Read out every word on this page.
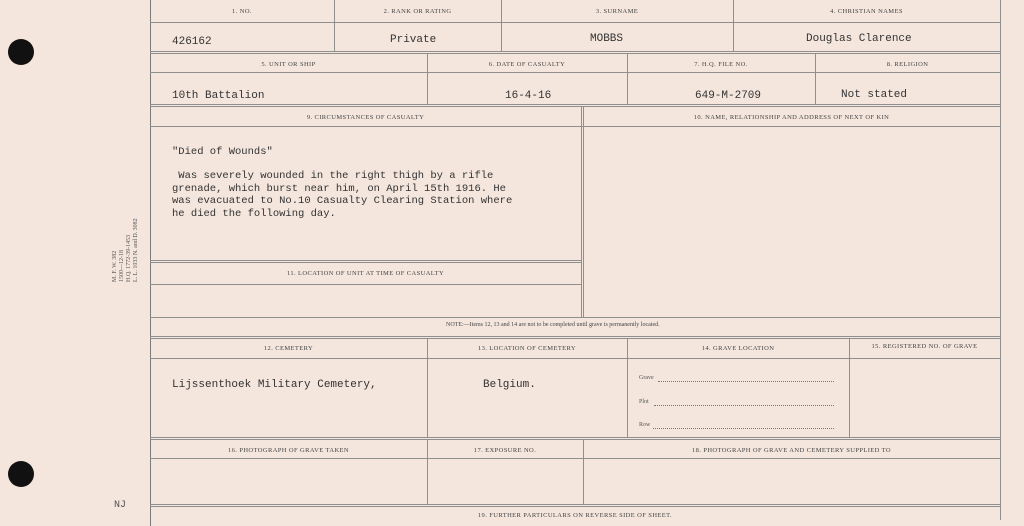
M. F. W. 382 1500—12-18 H.Q. 1772-39-1453 L. L. 1033 N. and D. 3082
NJ
1. NO.	2. RANK OR RATING	3. SURNAME	4. CHRISTIAN NAMES
426162	Private	MOBBS	Douglas Clarence
5. UNIT OR SHIP	6. DATE OF CASUALTY	7. H.Q. FILE NO.	8. RELIGION
10th Battalion	16-4-16	649-M-2709	Not stated
9. CIRCUMSTANCES OF CASUALTY	10. NAME, RELATIONSHIP AND ADDRESS OF NEXT OF KIN
"Died of Wounds"
Was severely wounded in the right thigh by a rifle
grenade, which burst near him, on April 15th 1916. He
was evacuated to No.10 Casualty Clearing Station where
he died the following day.
11. LOCATION OF UNIT AT TIME OF CASUALTY
NOTE:—Items 12, 13 and 14 are not to be completed until grave is permanently located.
12. CEMETERY	13. LOCATION OF CEMETERY	14. GRAVE LOCATION	15. REGISTERED NO. OF GRAVE
Lijssenthoek Military Cemetery,	Belgium.
Grave
Plot
Row
16. PHOTOGRAPH OF GRAVE TAKEN	17. EXPOSURE NO.	18. PHOTOGRAPH OF GRAVE AND CEMETERY SUPPLIED TO
19. FURTHER PARTICULARS ON REVERSE SIDE OF SHEET.
